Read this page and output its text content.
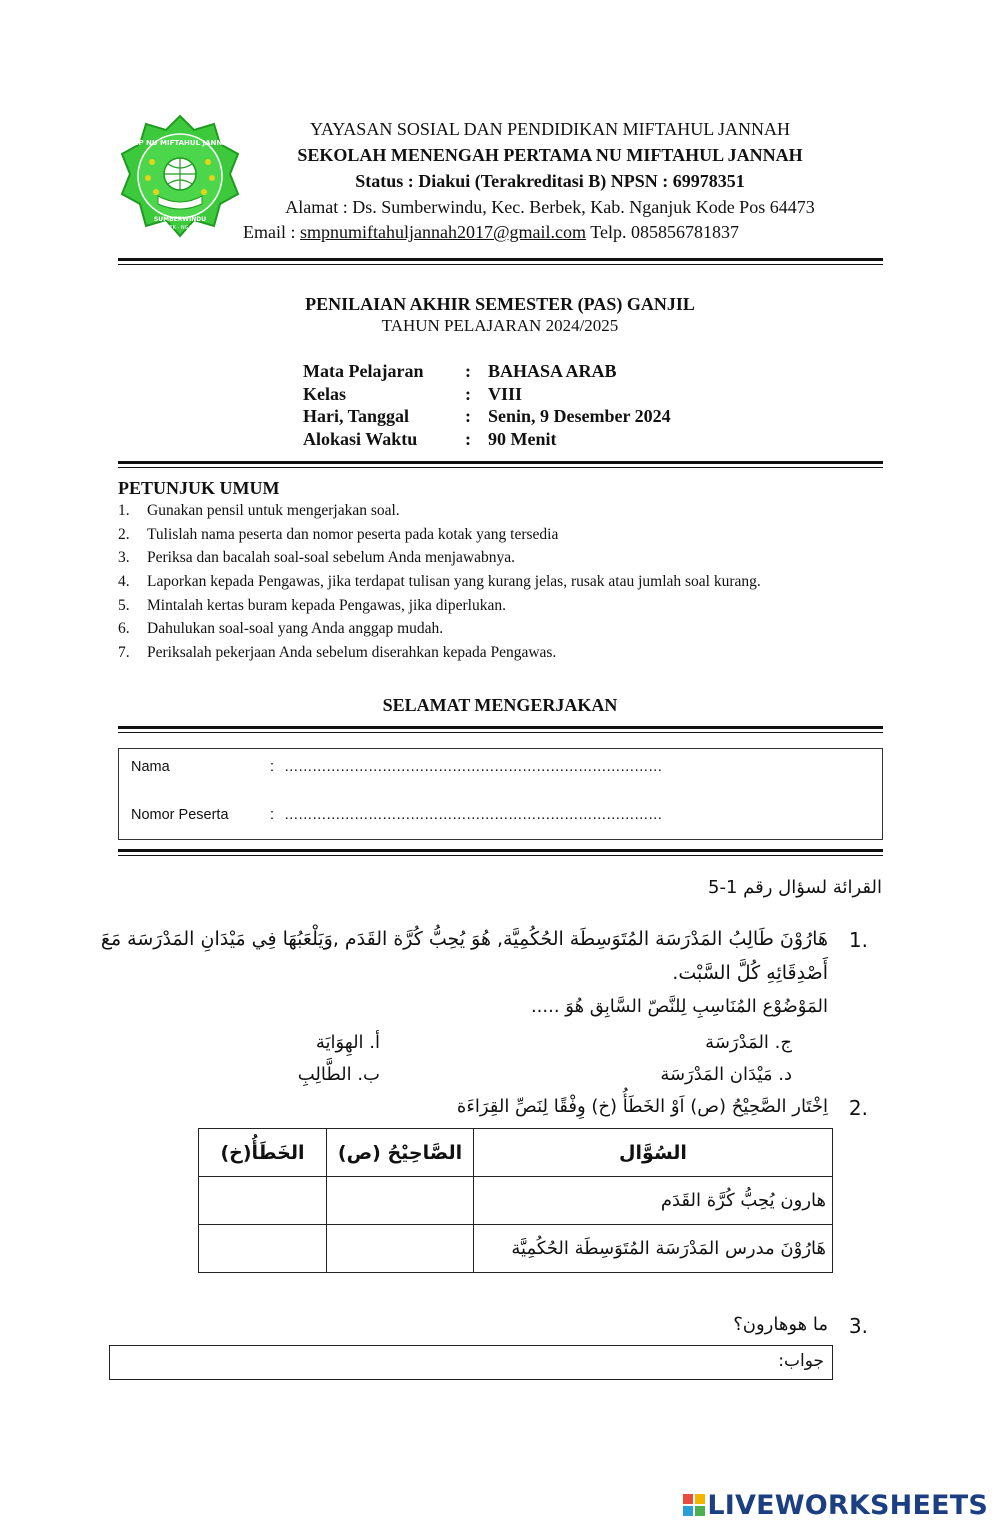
SMP NU MIFTAHUL JANNAH
SUMBERWINDU
BERBEK - NGANJUK
YAYASAN SOSIAL DAN PENDIDIKAN MIFTAHUL JANNAH
SEKOLAH MENENGAH PERTAMA NU MIFTAHUL JANNAH
Status : Diakui (Terakreditasi B) NPSN : 69978351
Alamat : Ds. Sumberwindu, Kec. Berbek, Kab. Nganjuk Kode Pos 64473
Email : smpnumiftahuljannah2017@gmail.com Telp. 085856781837
PENILAIAN AKHIR SEMESTER (PAS) GANJIL
TAHUN PELAJARAN 2024/2025
Mata Pelajaran : BAHASA ARAB
Kelas	: VIII
Hari, Tanggal	: Senin, 9 Desember 2024
Alokasi Waktu	: 90 Menit
PETUNJUK UMUM
1. Gunakan pensil untuk mengerjakan soal.
2. Tulislah nama peserta dan nomor peserta pada kotak yang tersedia
3. Periksa dan bacalah soal-soal sebelum Anda menjawabnya.
4. Laporkan kepada Pengawas, jika terdapat tulisan yang kurang jelas, rusak atau jumlah soal kurang.
5. Mintalah kertas buram kepada Pengawas, jika diperlukan.
6. Dahulukan soal-soal yang Anda anggap mudah.
7. Periksalah pekerjaan Anda sebelum diserahkan kepada Pengawas.
SELAMAT MENGERJAKAN
Nama	: ………………………………………………………………………
Nomor Peserta	: ………………………………………………………………………
القرائة لسؤال رقم 1-5
.1
هَارُوْنَ طَالِبُ المَدْرَسَة المُتَوَسِطَة الحُكُمِيَّة, هُوَ يُحِبُّ كُرَّة القَدَم ,وَيَلْعَبُهَا فِي مَيْدَانِ المَدْرَسَة مَعَ
أَصْدِقَائِهِ كُلَّ السَّبْت.
المَوْضُوْع المُنَاسِبِ لِلنَّصّ السَّابِق هُوَ .....
ج. المَدْرَسَة
أ. الهِوَايَة
د. مَيْدَان المَدْرَسَة
ب. الطَّالِبِ
.2
اِخْتَار الصَّحِيْحُ (ص) اَوْ الخَطَأُ (خ) وِفْقًا لِنَصِّ القِرَاءَة
السُوَّال	الصَّاحِيْحُ (ص)	الخَطَأُ(خ)
هارون يُحِبُّ كُرَّة القَدَم		
هَارُوْنَ مدرس المَدْرَسَة المُتَوَسِطَة الحُكُمِيَّة		
.3
ما هوهارون؟
جواب:
LIVEWORKSHEETS
